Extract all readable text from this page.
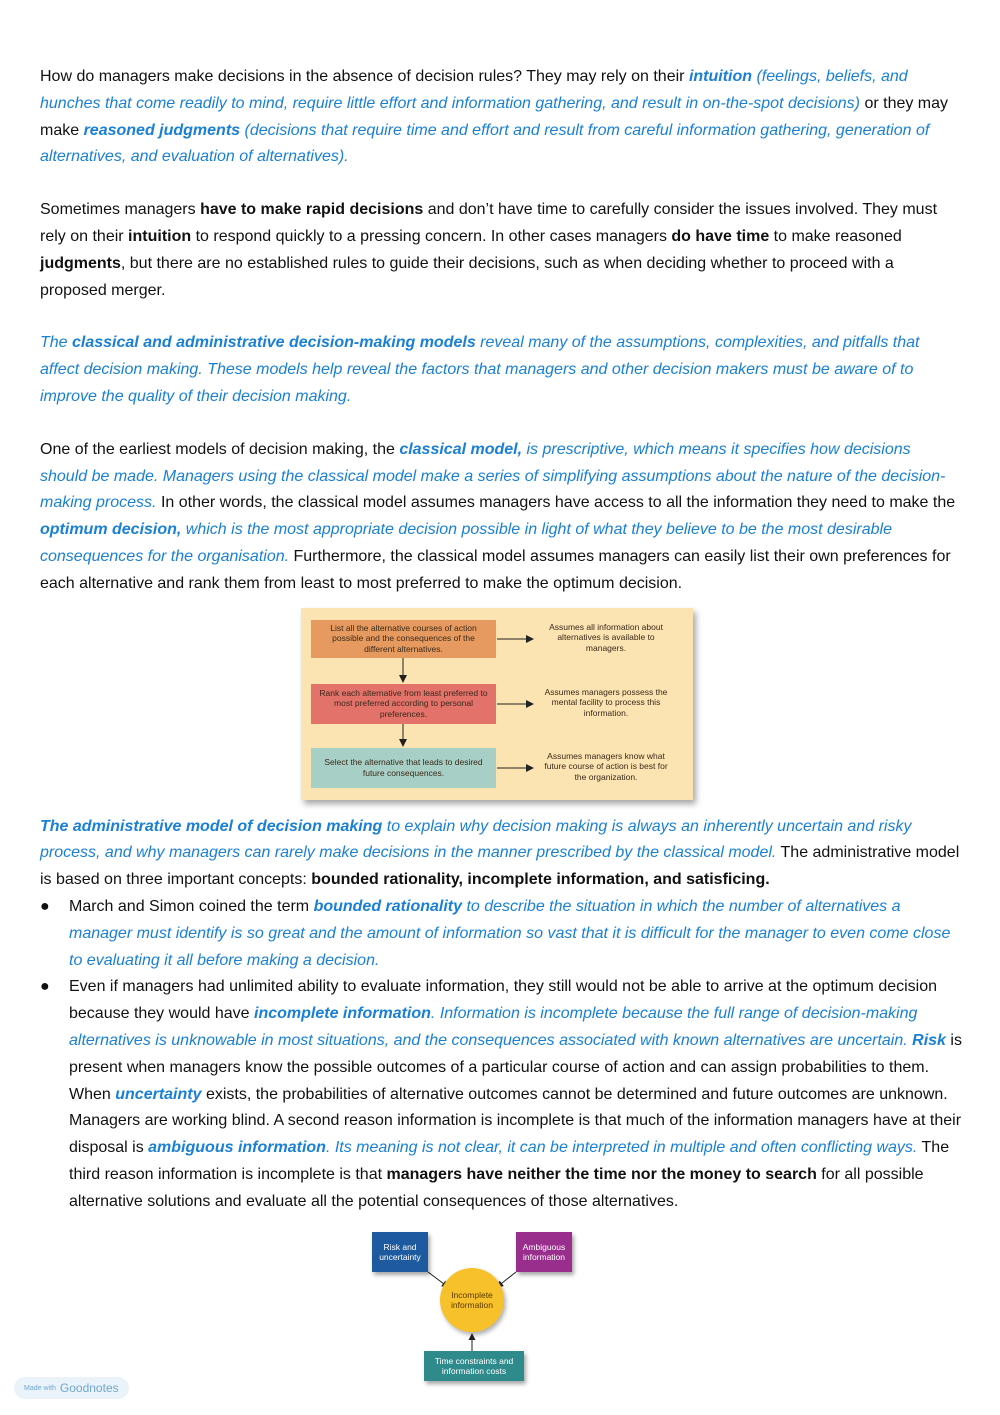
How do managers make decisions in the absence of decision rules? They may rely on their intuition (feelings, beliefs, and hunches that come readily to mind, require little effort and information gathering, and result in on-the-spot decisions) or they may make reasoned judgments (decisions that require time and effort and result from careful information gathering, generation of alternatives, and evaluation of alternatives).

Sometimes managers have to make rapid decisions and don’t have time to carefully consider the issues involved. They must rely on their intuition to respond quickly to a pressing concern. In other cases managers do have time to make reasoned judgments, but there are no established rules to guide their decisions, such as when deciding whether to proceed with a proposed merger.

The classical and administrative decision-making models reveal many of the assumptions, complexities, and pitfalls that affect decision making. These models help reveal the factors that managers and other decision makers must be aware of to improve the quality of their decision making.

One of the earliest models of decision making, the classical model, is prescriptive, which means it specifies how decisions should be made. Managers using the classical model make a series of simplifying assumptions about the nature of the decision-making process. In other words, the classical model assumes managers have access to all the information they need to make the optimum decision, which is the most appropriate decision possible in light of what they believe to be the most desirable consequences for the organisation. Furthermore, the classical model assumes managers can easily list their own preferences for each alternative and rank them from least to most preferred to make the optimum decision.

List all the alternative courses of action possible and the consequences of the different alternatives.
Rank each alternative from least preferred to most preferred according to personal preferences.
Select the alternative that leads to desired future consequences.
Assumes all information about alternatives is available to managers.
Assumes managers possess the mental facility to process this information.
Assumes managers know what future course of action is best for the organization.

The administrative model of decision making to explain why decision making is always an inherently uncertain and risky process, and why managers can rarely make decisions in the manner prescribed by the classical model. The administrative model is based on three important concepts: bounded rationality, incomplete information, and satisficing.

● March and Simon coined the term bounded rationality to describe the situation in which the number of alternatives a manager must identify is so great and the amount of information so vast that it is difficult for the manager to even come close to evaluating it all before making a decision.
● Even if managers had unlimited ability to evaluate information, they still would not be able to arrive at the optimum decision because they would have incomplete information. Information is incomplete because the full range of decision-making alternatives is unknowable in most situations, and the consequences associated with known alternatives are uncertain. Risk is present when managers know the possible outcomes of a particular course of action and can assign probabilities to them. When uncertainty exists, the probabilities of alternative outcomes cannot be determined and future outcomes are unknown. Managers are working blind. A second reason information is incomplete is that much of the information managers have at their disposal is ambiguous information. Its meaning is not clear, it can be interpreted in multiple and often conflicting ways. The third reason information is incomplete is that managers have neither the time nor the money to search for all possible alternative solutions and evaluate all the potential consequences of those alternatives.
Risk and uncertainty
Ambiguous information
Incomplete information
Time constraints and information costs
Made with Goodnotes
